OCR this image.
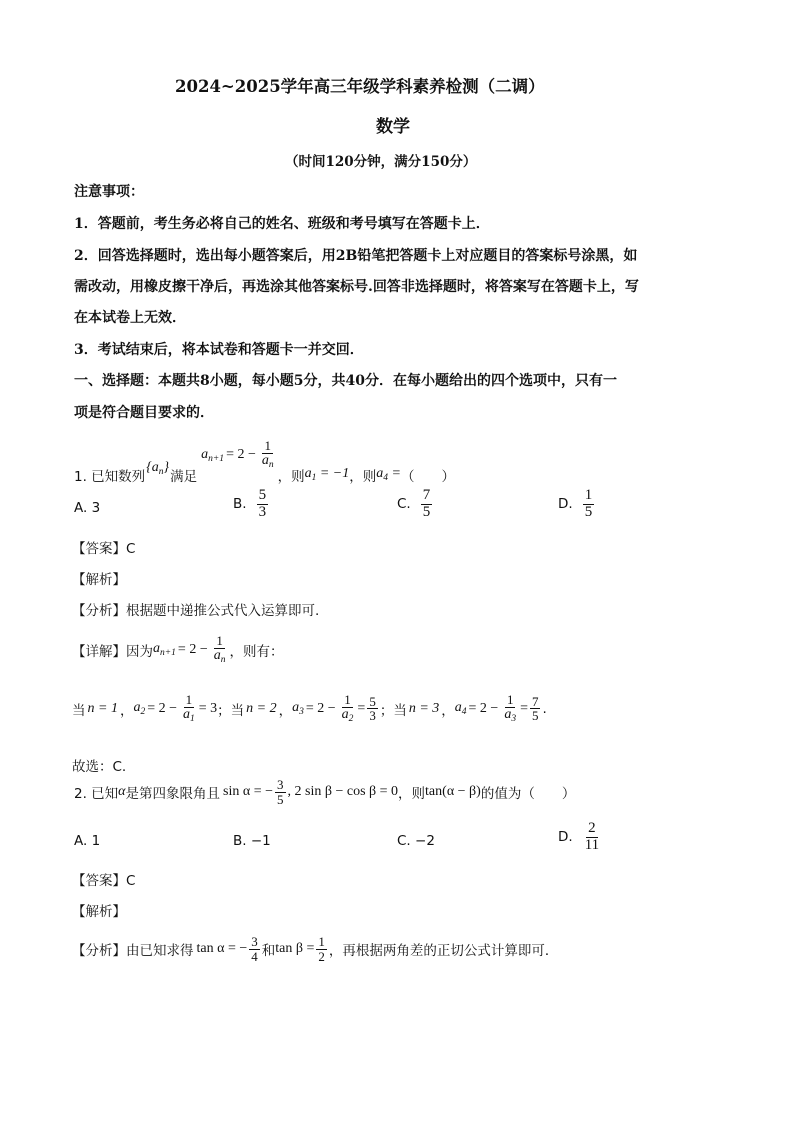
2024~2025学年高三年级学科素养检测（二调）
数学
（时间120分钟，满分150分）
注意事项：
1．答题前，考生务必将自己的姓名、班级和考号填写在答题卡上．
2．回答选择题时，选出每小题答案后，用2B铅笔把答题卡上对应题目的答案标号涂黑，如
需改动，用橡皮擦干净后，再选涂其他答案标号.回答非选择题时，将答案写在答题卡上，写
在本试卷上无效．
3．考试结束后，将本试卷和答题卡一并交回．
一、选择题：本题共8小题，每小题5分，共40分．在每小题给出的四个选项中，只有一
项是符合题目要求的．
1. 已知数列
$\{a_n\}$
满足
$a_{n+1} = 2 - \frac{1}{a_n}$
，则 $a_1 = -1$ ，则 $a_4$ = （　　）
A. 3	B. $\frac{5}{3}$	C. $\frac{7}{5}$	D. $\frac{1}{5}$
【答案】C
【解析】
【分析】根据题中递推公式代入运算即可.
【详解】 因为 $a_{n+1} = 2 - \frac{1}{a_n}$ ，则有：
当 n = 1 ， $a_2 = 2 - \frac{1}{a_1} = 3$ ； 当 n = 2 ， $a_3 = 2 - \frac{1}{a_2} = \frac{5}{3}$ ； 当 n = 3 ， $a_4 = 2 - \frac{1}{a_3} = \frac{7}{5}$ .
故选：C.
2. 已知 α 是第四象限角且 sin α = − $\frac{3}{5}$ , 2 sin β − cos β = 0 ，则 tan(α − β) 的值为（　　）
A. 1	B. −1	C. −2	D. $\frac{2}{11}$
【答案】C
【解析】
【分析】 由已知求得 tan α = − $\frac{3}{4}$ 和 $\tan \beta = \frac{1}{2}$ ，再根据两角差的正切公式计算即可．
